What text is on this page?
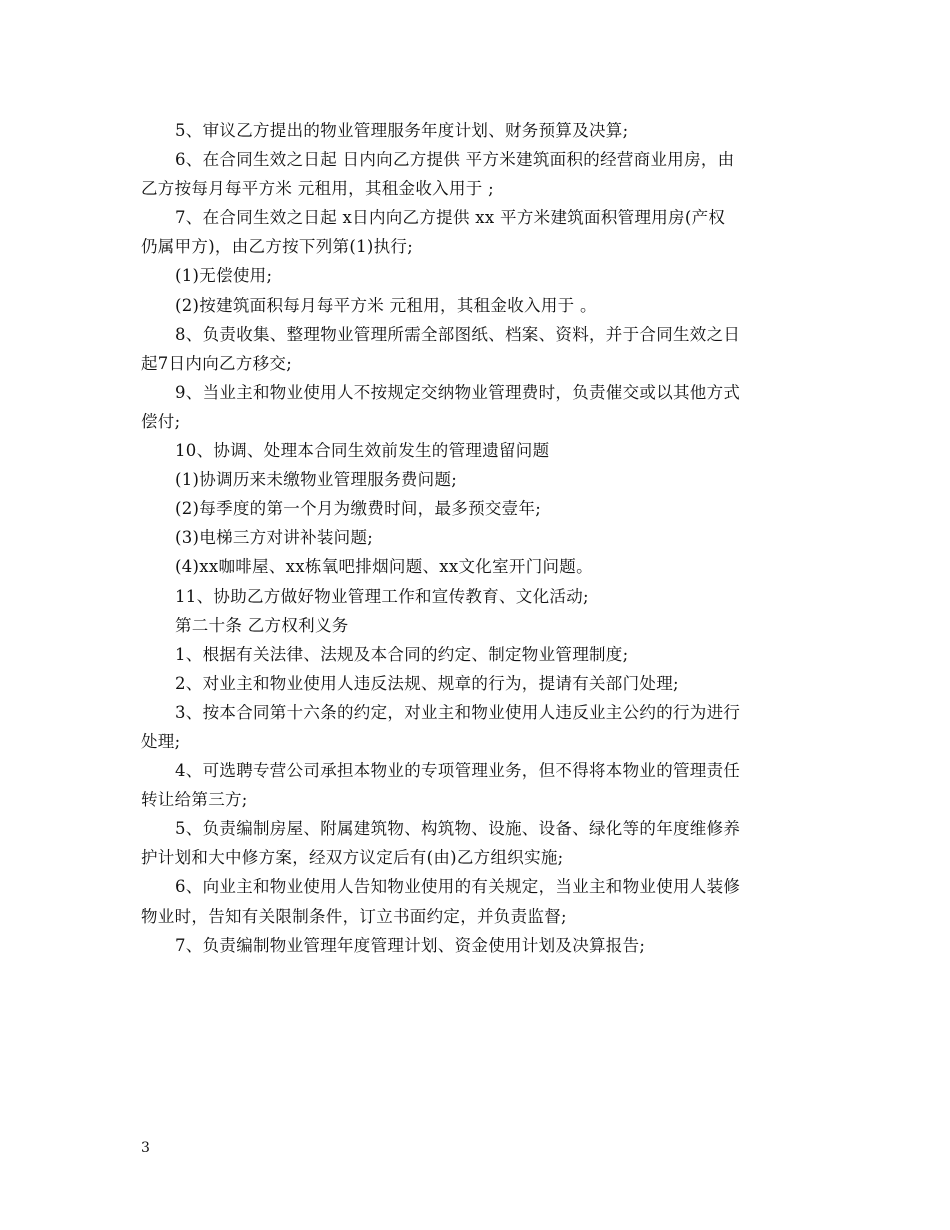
5、审议乙方提出的物业管理服务年度计划、财务预算及决算;

6、在合同生效之日起 日内向乙方提供 平方米建筑面积的经营商业用房，由

乙方按每月每平方米 元租用，其租金收入用于 ;

7、在合同生效之日起 x日内向乙方提供 xx 平方米建筑面积管理用房(产权

仍属甲方)，由乙方按下列第(1)执行;

(1)无偿使用;

(2)按建筑面积每月每平方米 元租用，其租金收入用于 。

8、负责收集、整理物业管理所需全部图纸、档案、资料，并于合同生效之日

起7日内向乙方移交;

9、当业主和物业使用人不按规定交纳物业管理费时，负责催交或以其他方式

偿付;

10、协调、处理本合同生效前发生的管理遗留问题

(1)协调历来未缴物业管理服务费问题;

(2)每季度的第一个月为缴费时间，最多预交壹年;

(3)电梯三方对讲补装问题;

(4)xx咖啡屋、xx栋氧吧排烟问题、xx文化室开门问题。

11、协助乙方做好物业管理工作和宣传教育、文化活动;

第二十条 乙方权利义务

1、根据有关法律、法规及本合同的约定、制定物业管理制度;

2、对业主和物业使用人违反法规、规章的行为，提请有关部门处理;

3、按本合同第十六条的约定，对业主和物业使用人违反业主公约的行为进行

处理;

4、可选聘专营公司承担本物业的专项管理业务，但不得将本物业的管理责任

转让给第三方;

5、负责编制房屋、附属建筑物、构筑物、设施、设备、绿化等的年度维修养

护计划和大中修方案，经双方议定后有(由)乙方组织实施;

6、向业主和物业使用人告知物业使用的有关规定，当业主和物业使用人装修

物业时，告知有关限制条件，订立书面约定，并负责监督;

7、负责编制物业管理年度管理计划、资金使用计划及决算报告;

3
